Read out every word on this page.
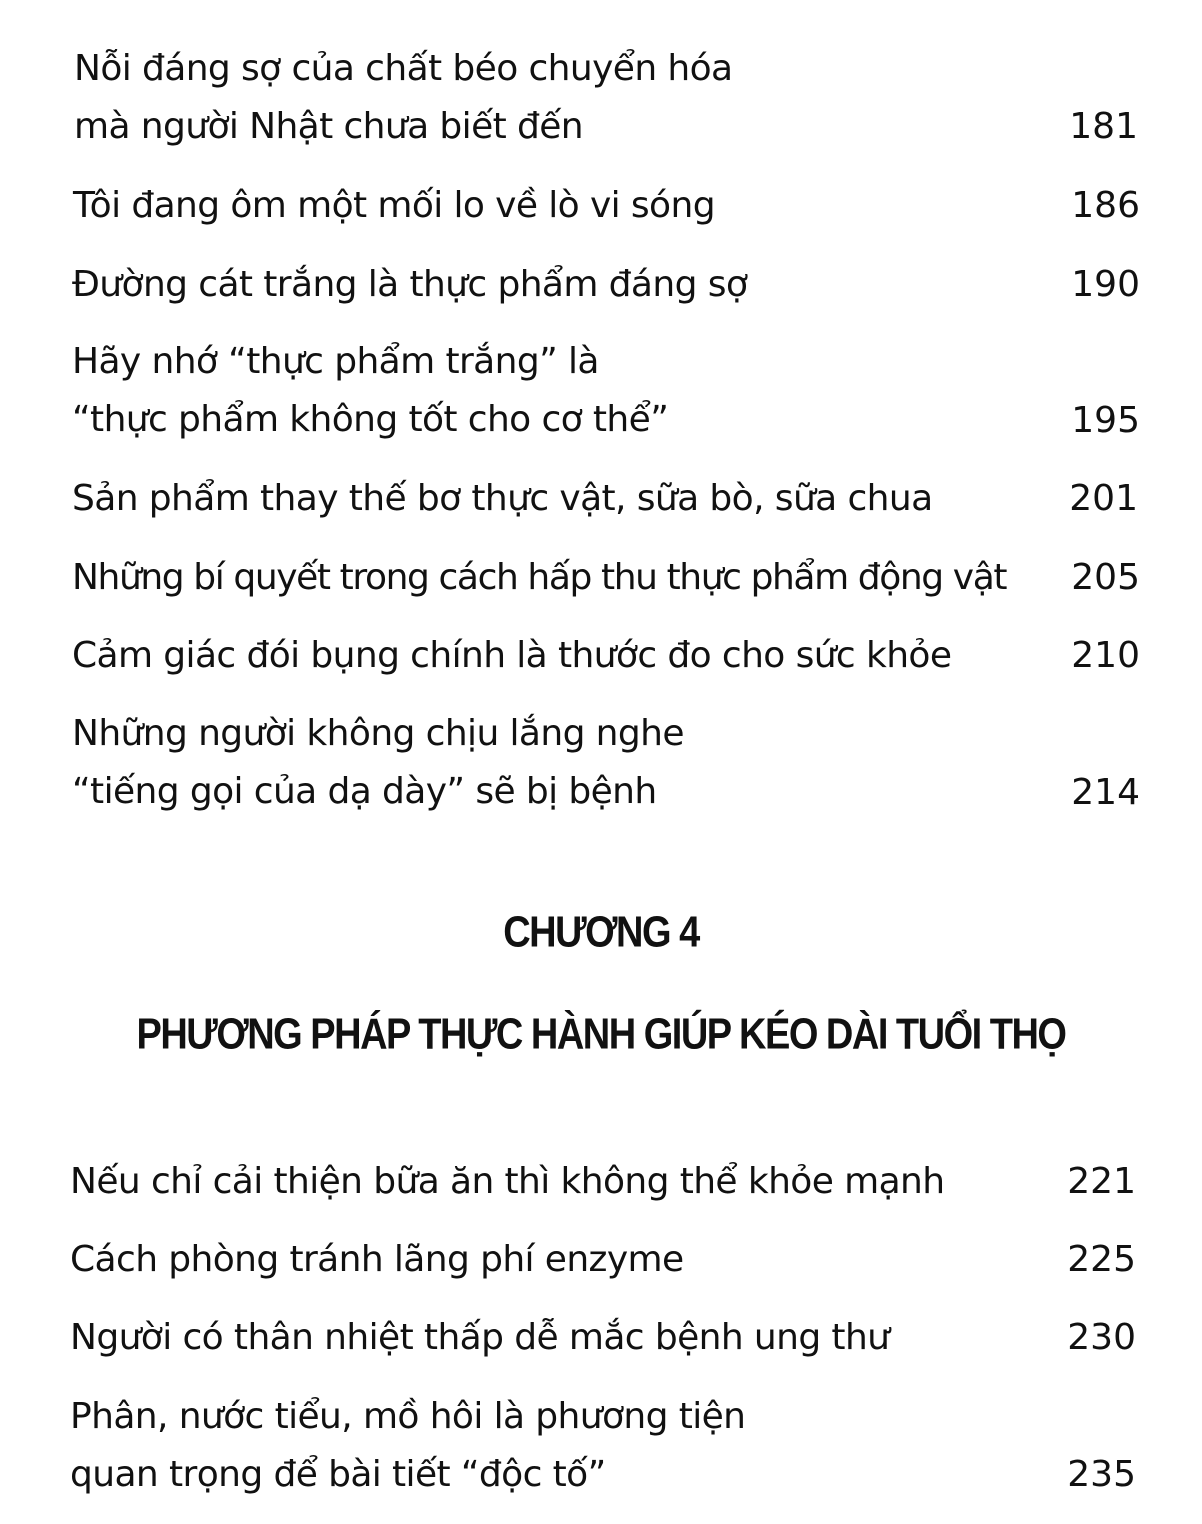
Nỗi đáng sợ của chất béo chuyển hóa
mà người Nhật chưa biết đến	181
Tôi đang ôm một mối lo về lò vi sóng	186
Đường cát trắng là thực phẩm đáng sợ	190
Hãy nhớ “thực phẩm trắng” là
“thực phẩm không tốt cho cơ thể”	195
Sản phẩm thay thế bơ thực vật, sữa bò, sữa chua	201
Những bí quyết trong cách hấp thu thực phẩm động vật	205
Cảm giác đói bụng chính là thước đo cho sức khỏe	210
Những người không chịu lắng nghe
“tiếng gọi của dạ dày” sẽ bị bệnh	214
CHƯƠNG 4
PHƯƠNG PHÁP THỰC HÀNH GIÚP KÉO DÀI TUỔI THỌ
Nếu chỉ cải thiện bữa ăn thì không thể khỏe mạnh	221
Cách phòng tránh lãng phí enzyme	225
Người có thân nhiệt thấp dễ mắc bệnh ung thư	230
Phân, nước tiểu, mồ hôi là phương tiện
quan trọng để bài tiết “độc tố”	235
